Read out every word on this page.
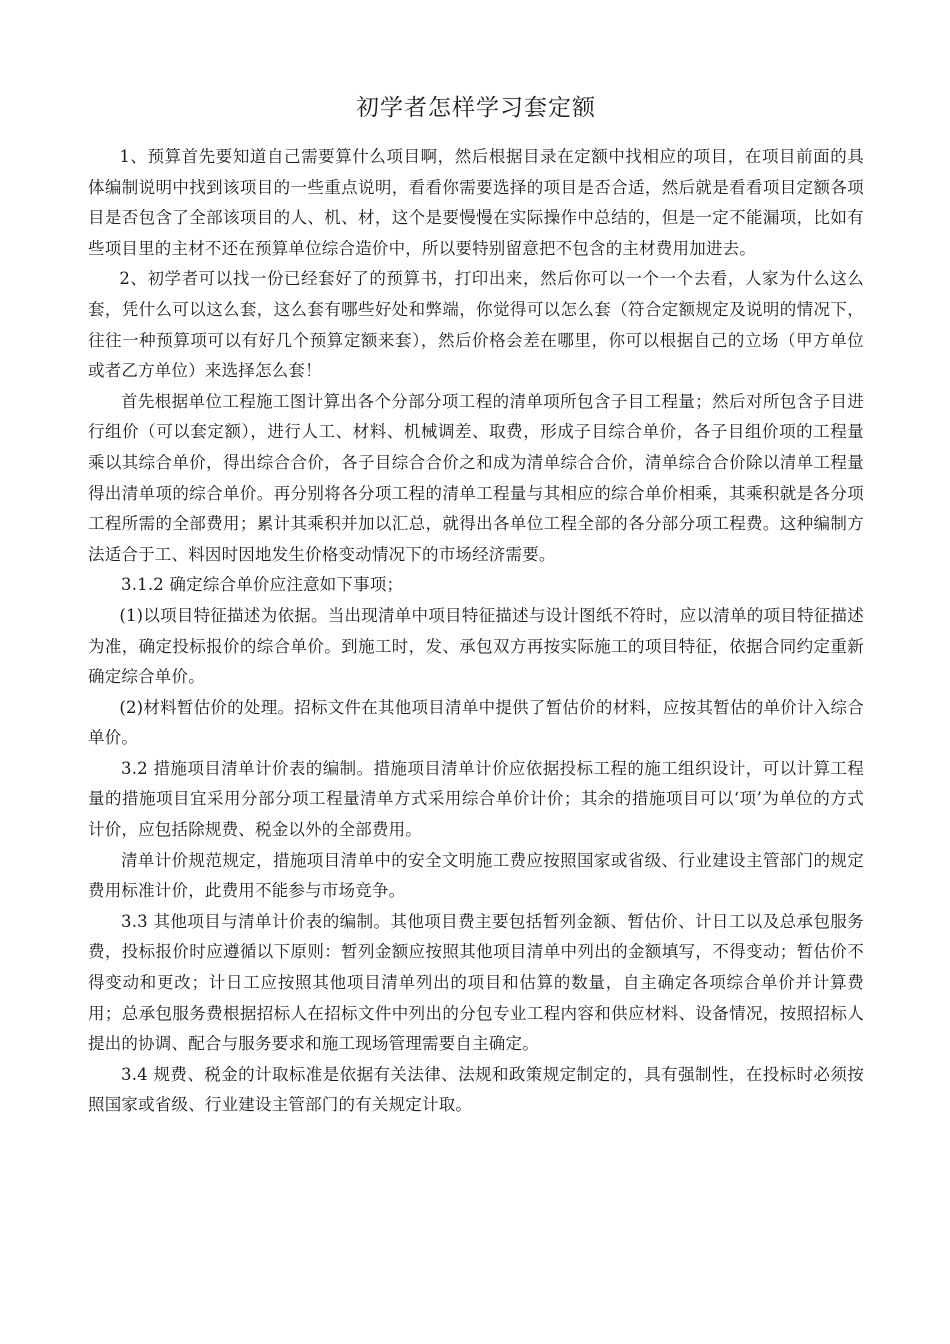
初学者怎样学习套定额

1、预算首先要知道自己需要算什么项目啊，然后根据目录在定额中找相应的项目，在项目前面的具体编制说明中找到该项目的一些重点说明，看看你需要选择的项目是否合适，然后就是看看项目定额各项目是否包含了全部该项目的人、机、材，这个是要慢慢在实际操作中总结的，但是一定不能漏项，比如有些项目里的主材不还在预算单位综合造价中，所以要特别留意把不包含的主材费用加进去。

2、初学者可以找一份已经套好了的预算书，打印出来，然后你可以一个一个去看，人家为什么这么套，凭什么可以这么套，这么套有哪些好处和弊端，你觉得可以怎么套（符合定额规定及说明的情况下，往往一种预算项可以有好几个预算定额来套），然后价格会差在哪里，你可以根据自己的立场（甲方单位或者乙方单位）来选择怎么套！

首先根据单位工程施工图计算出各个分部分项工程的清单项所包含子目工程量；然后对所包含子目进行组价（可以套定额），进行人工、材料、机械调差、取费，形成子目综合单价，各子目组价项的工程量乘以其综合单价，得出综合合价，各子目综合合价之和成为清单综合合价，清单综合合价除以清单工程量得出清单项的综合单价。再分别将各分项工程的清单工程量与其相应的综合单价相乘，其乘积就是各分项工程所需的全部费用；累计其乘积并加以汇总，就得出各单位工程全部的各分部分项工程费。这种编制方法适合于工、料因时因地发生价格变动情况下的市场经济需要。

3.1.2 确定综合单价应注意如下事项；

(1)以项目特征描述为依据。当出现清单中项目特征描述与设计图纸不符时，应以清单的项目特征描述为准，确定投标报价的综合单价。到施工时，发、承包双方再按实际施工的项目特征，依据合同约定重新确定综合单价。

(2)材料暂估价的处理。招标文件在其他项目清单中提供了暂估价的材料，应按其暂估的单价计入综合单价。

3.2 措施项目清单计价表的编制。措施项目清单计价应依据投标工程的施工组织设计，可以计算工程量的措施项目宜采用分部分项工程量清单方式采用综合单价计价；其余的措施项目可以‘项’为单位的方式计价，应包括除规费、税金以外的全部费用。

清单计价规范规定，措施项目清单中的安全文明施工费应按照国家或省级、行业建设主管部门的规定费用标准计价，此费用不能参与市场竞争。

3.3 其他项目与清单计价表的编制。其他项目费主要包括暂列金额、暂估价、计日工以及总承包服务费，投标报价时应遵循以下原则：暂列金额应按照其他项目清单中列出的金额填写，不得变动；暂估价不得变动和更改；计日工应按照其他项目清单列出的项目和估算的数量，自主确定各项综合单价并计算费用；总承包服务费根据招标人在招标文件中列出的分包专业工程内容和供应材料、设备情况，按照招标人提出的协调、配合与服务要求和施工现场管理需要自主确定。

3.4 规费、税金的计取标准是依据有关法律、法规和政策规定制定的，具有强制性，在投标时必须按照国家或省级、行业建设主管部门的有关规定计取。
